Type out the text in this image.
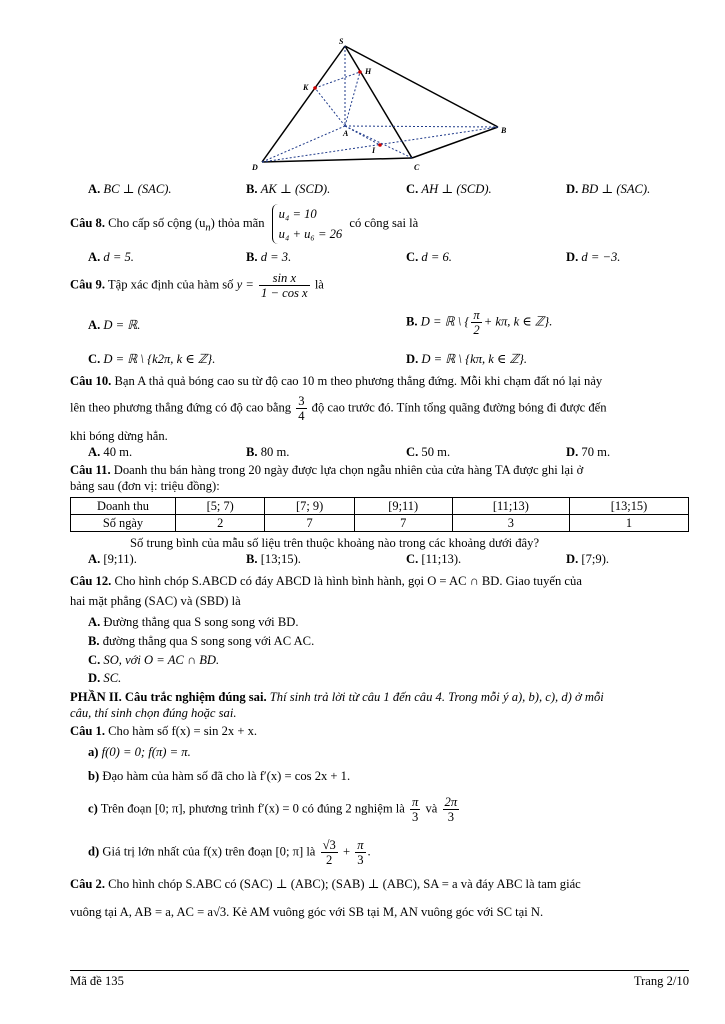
S
H
K
A	B
I
D	C
A. BC ⊥ (SAC).	B. AK ⊥ (SCD).	C. AH ⊥ (SCD).	D. BD ⊥ (SAC).
Câu 8. Cho cấp số cộng $(u_n)$ thỏa mãn
u₄ = 10
u₄ + u₆ = 26
có công sai là
A. d = 5.	B. d = 3.	C. d = 6.	D. d = −3.
Câu 9. Tập xác định của hàm số $y = \frac{\text{sin x}}{\text{1 − cos x}}$ là
A. D = ℝ.	B. D = ℝ \ { $\frac{\pi}{2} + k\pi$, k ∈ ℤ}.
C. D = ℝ \ {k2π, k ∈ ℤ}.	D. D = ℝ \ {kπ, k ∈ ℤ}.
Câu 10. Bạn A thả quả bóng cao su từ độ cao 10 m theo phương thẳng đứng. Mỗi khi chạm đất nó lại nảy
lên theo phương thẳng đứng có độ cao bằng $\frac{3}{4}$ độ cao trước đó. Tính tổng quãng đường bóng đi được đến
khi bóng dừng hẳn.
A. 40 m.	B. 80 m.	C. 50 m.	D. 70 m.
Câu 11. Doanh thu bán hàng trong 20 ngày được lựa chọn ngẫu nhiên của cửa hàng TA được ghi lại ở
bảng sau (đơn vị: triệu đồng):
Doanh thu	[5; 7)	[7; 9)	[9;11)	[11;13)	[13;15)
Số ngày	2	7	7	3	1
Số trung bình của mẫu số liệu trên thuộc khoảng nào trong các khoảng dưới đây?
A. [9;11).	B. [13;15).	C. [11;13).	D. [7;9).
Câu 12. Cho hình chóp S.ABCD có đáy ABCD là hình bình hành, gọi O = AC ∩ BD. Giao tuyến của
hai mặt phẳng (SAC) và (SBD) là
A. Đường thẳng qua S song song với BD.
B. đường thẳng qua S song song với AC AC.
C. SO, với O = AC ∩ BD.
D. SC.
PHẦN II. Câu trắc nghiệm đúng sai. Thí sinh trả lời từ câu 1 đến câu 4. Trong mỗi ý a), b), c), d) ở mỗi
câu, thí sinh chọn đúng hoặc sai.
Câu 1. Cho hàm số f(x) = sin 2x + x.
a) f(0) = 0; f(π) = π.
b) Đạo hàm của hàm số đã cho là f′(x) = cos 2x + 1.
c) Trên đoạn [0; π], phương trình f′(x) = 0 có đúng 2 nghiệm là $\frac{\pi}{3}$ và $\frac{2\pi}{3}$
d) Giá trị lớn nhất của f(x) trên đoạn [0; π] là $\frac{√3}{2} + \frac{\pi}{3}$ .
Câu 2. Cho hình chóp S.ABC có (SAC) ⊥ (ABC); (SAB) ⊥ (ABC), SA = a và đáy ABC là tam giác
vuông tại A, AB = a, AC = a√3. Kẻ AM vuông góc với SB tại M, AN vuông góc với SC tại N.
Mã đề 135	Trang 2/10
